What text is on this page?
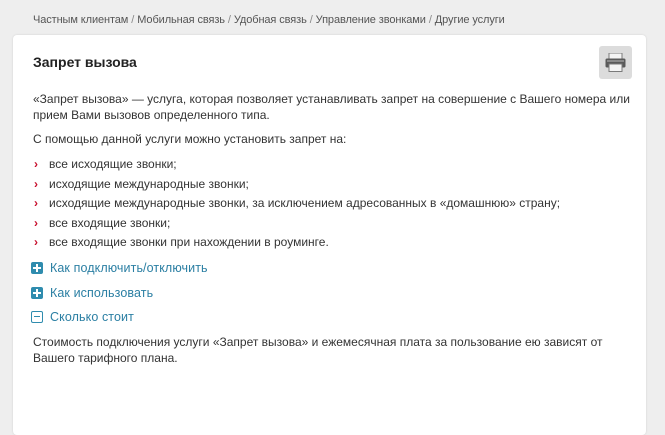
Частным клиентам / Мобильная связь / Удобная связь / Управление звонками / Другие услуги
Запрет вызова

«Запрет вызова» — услуга, которая позволяет устанавливать запрет на совершение с Вашего номера или прием Вами вызовов определенного типа.

С помощью данной услуги можно установить запрет на:

› все исходящие звонки;
› исходящие международные звонки;
› исходящие международные звонки, за исключением адресованных в «домашнюю» страну;
› все входящие звонки;
› все входящие звонки при нахождении в роуминге.
Как подключить/отключить
Как использовать
Сколько стоит

Стоимость подключения услуги «Запрет вызова» и ежемесячная плата за пользование ею зависят от Вашего тарифного плана.
